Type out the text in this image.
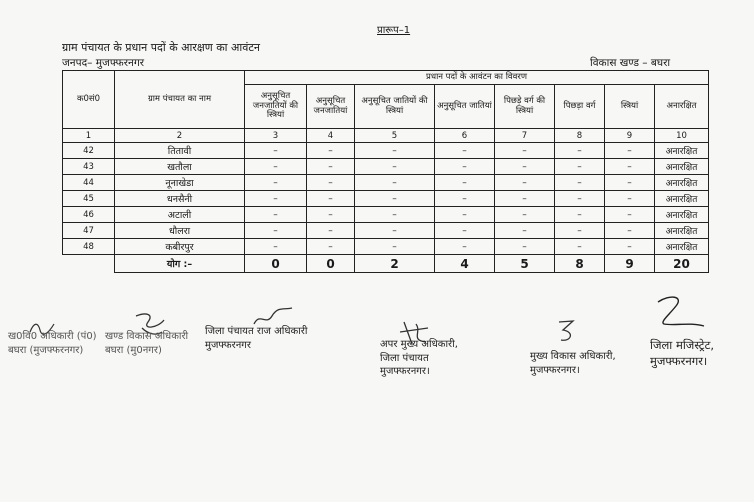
प्रारूप–1
ग्राम पंचायत के प्रधान पदों के आरक्षण का आवंटन
जनपद– मुजफ्फरनगर	विकास खण्ड – बघरा
क0सं0	ग्राम पंचायत का नाम	प्रधान पदों के आवंटन का विवरण							
		अनुसूचित जनजातियों की स्त्रियां	अनुसूचित जनजातियां	अनुसूचित जातियों की स्त्रियां	अनुसूचित जातियां	पिछड़े वर्ग की स्त्रियां	पिछड़ा वर्ग	स्त्रियां	अनारक्षित
1	2	3	4	5	6	7	8	9	10
42	तितावी	–	–	–	–	–	–	–	अनारक्षित
43	खतौला	–	–	–	–	–	–	–	अनारक्षित
44	नूनाखेडा	–	–	–	–	–	–	–	अनारक्षित
45	धनसैनी	–	–	–	–	–	–	–	अनारक्षित
46	अटाली	–	–	–	–	–	–	–	अनारक्षित
47	धौलरा	–	–	–	–	–	–	–	अनारक्षित
48	कबीरपुर	–	–	–	–	–	–	–	अनारक्षित
	योग :–	0	0	2	4	5	8	9	20
ख0वि0 अधिकारी (पं0)
बघरा (मुजफ्फरनगर)
खण्ड विकास अधिकारी
बघरा (मु0नगर)
जिला पंचायत राज अधिकारी
मुजफ्फरनगर	अपर मुख्य अधिकारी,
जिला पंचायत
मुजफ्फरनगर।
मुख्य विकास अधिकारी,
मुजफ्फरनगर।
जिला मजिस्ट्रेट,
मुजफ्फरनगर।
